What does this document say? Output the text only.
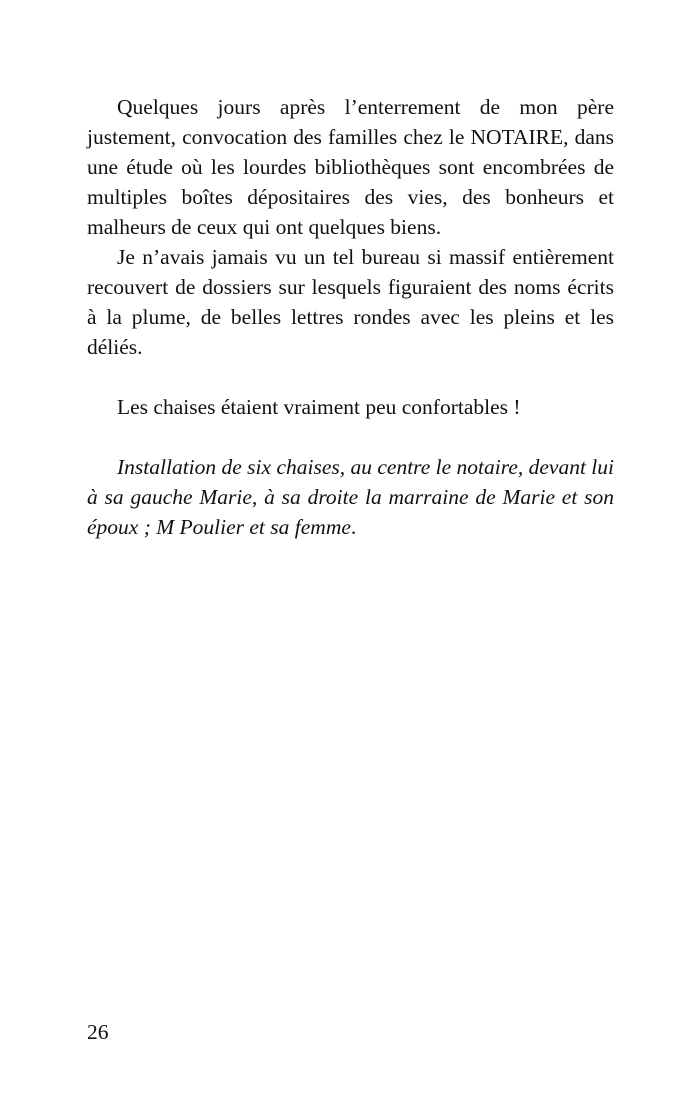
Quelques jours après l’enterrement de mon père justement, convocation des familles chez le NOTAIRE, dans une étude où les lourdes bibliothèques sont encombrées de multiples boîtes dépositaires des vies, des bonheurs et malheurs de ceux qui ont quelques biens.

Je n’avais jamais vu un tel bureau si massif entièrement recouvert de dossiers sur lesquels figuraient des noms écrits à la plume, de belles lettres rondes avec les pleins et les déliés.

Les chaises étaient vraiment peu confortables !

Installation de six chaises, au centre le notaire, devant lui à sa gauche Marie, à sa droite la marraine de Marie et son époux ; M Poulier et sa femme.

26
